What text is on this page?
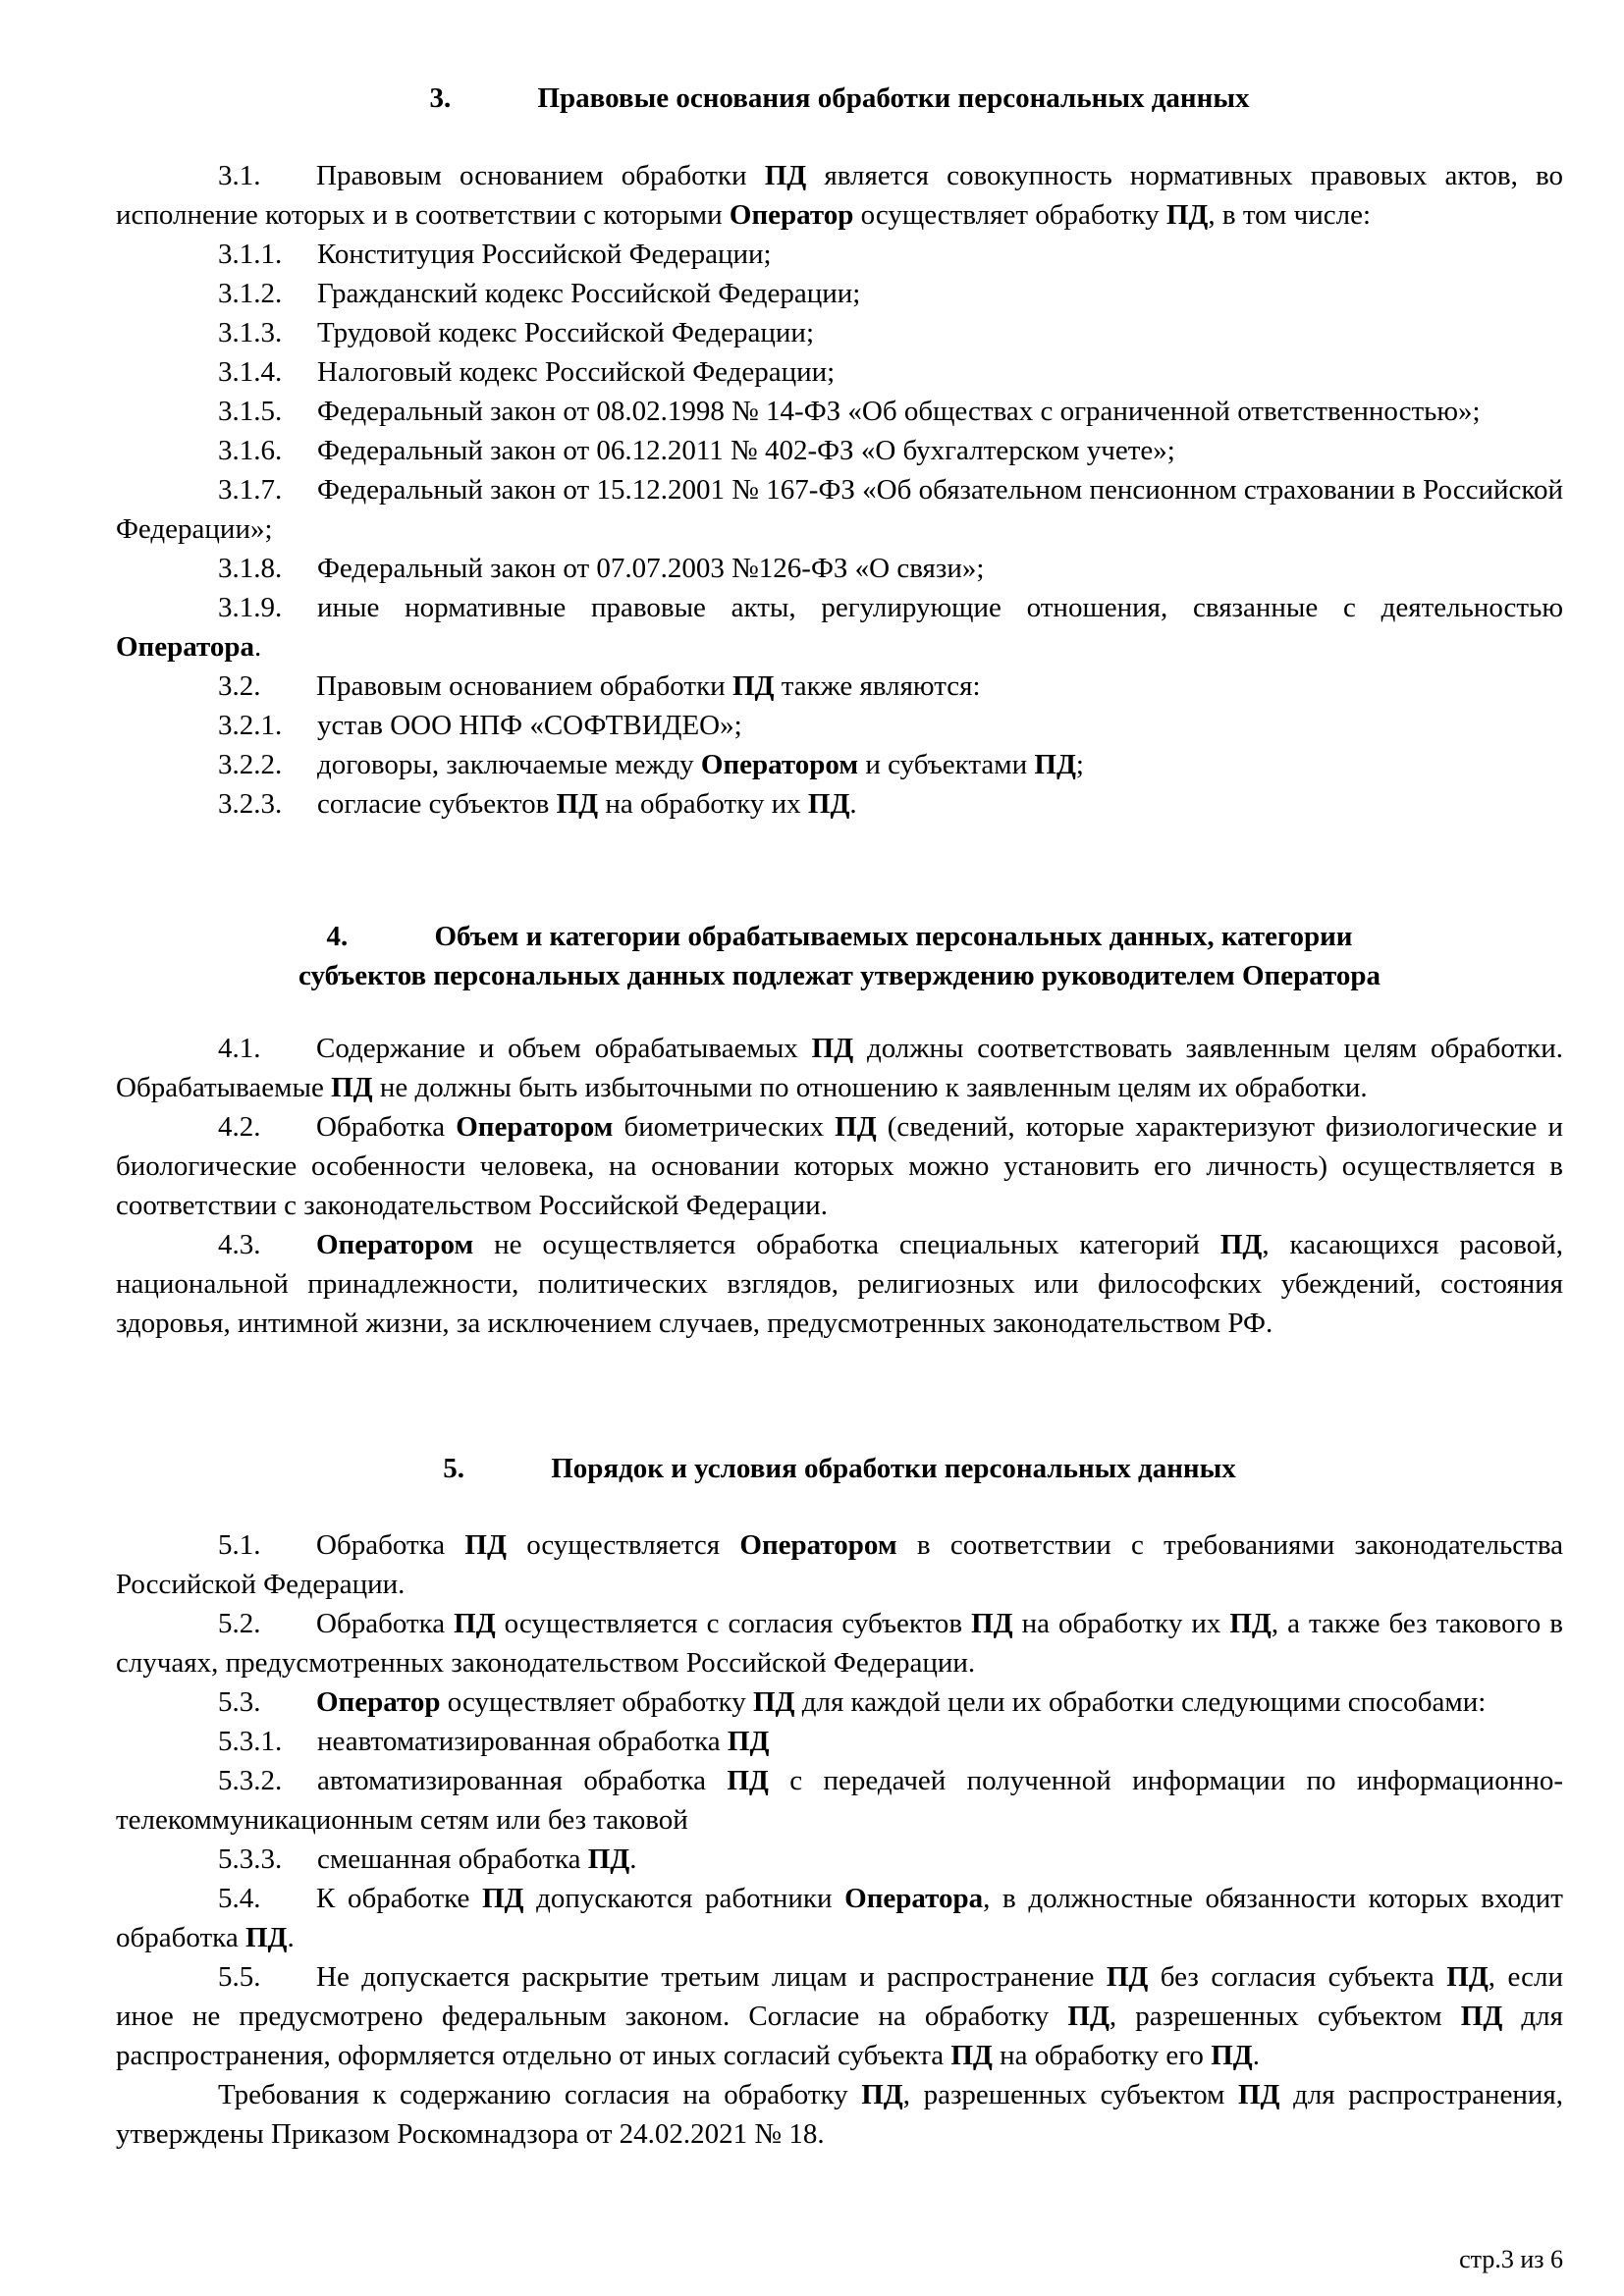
3.	Правовые основания обработки персональных данных

3.1. Правовым основанием обработки ПД является совокупность нормативных правовых актов, во исполнение которых и в соответствии с которыми Оператор осуществляет обработку ПД, в том числе:

3.1.1. Конституция Российской Федерации;

3.1.2. Гражданский кодекс Российской Федерации;

3.1.3. Трудовой кодекс Российской Федерации;

3.1.4. Налоговый кодекс Российской Федерации;

3.1.5. Федеральный закон от 08.02.1998 № 14-ФЗ «Об обществах с ограниченной ответственностью»;

3.1.6. Федеральный закон от 06.12.2011 № 402-ФЗ «О бухгалтерском учете»;

3.1.7. Федеральный закон от 15.12.2001 № 167-ФЗ «Об обязательном пенсионном страховании в Российской Федерации»;

3.1.8. Федеральный закон от 07.07.2003 №126-ФЗ «О связи»;

3.1.9. иные нормативные правовые акты, регулирующие отношения, связанные с деятельностью Оператора.

3.2. Правовым основанием обработки ПД также являются:

3.2.1. устав ООО НПФ «СОФТВИДЕО»;

3.2.2. договоры, заключаемые между Оператором и субъектами ПД;

3.2.3. согласие субъектов ПД на обработку их ПД.

4.	Объем и категории обрабатываемых персональных данных, категории
субъектов персональных данных подлежат утверждению руководителем Оператора

4.1. Содержание и объем обрабатываемых ПД должны соответствовать заявленным целям обработки. Обрабатываемые ПД не должны быть избыточными по отношению к заявленным целям их обработки.

4.2. Обработка Оператором биометрических ПД (сведений, которые характеризуют физиологические и биологические особенности человека, на основании которых можно установить его личность) осуществляется в соответствии с законодательством Российской Федерации.

4.3. Оператором не осуществляется обработка специальных категорий ПД, касающихся расовой, национальной принадлежности, политических взглядов, религиозных или философских убеждений, состояния здоровья, интимной жизни, за исключением случаев, предусмотренных законодательством РФ.

5.	Порядок и условия обработки персональных данных

5.1. Обработка ПД осуществляется Оператором в соответствии с требованиями законодательства Российской Федерации.

5.2. Обработка ПД осуществляется с согласия субъектов ПД на обработку их ПД, а также без такового в случаях, предусмотренных законодательством Российской Федерации.

5.3. Оператор осуществляет обработку ПД для каждой цели их обработки следующими способами:

5.3.1. неавтоматизированная обработка ПД

5.3.2. автоматизированная обработка ПД с передачей полученной информации по информационно-телекоммуникационным сетям или без таковой

5.3.3. смешанная обработка ПД.

5.4. К обработке ПД допускаются работники Оператора, в должностные обязанности которых входит обработка ПД.

5.5. Не допускается раскрытие третьим лицам и распространение ПД без согласия субъекта ПД, если иное не предусмотрено федеральным законом. Согласие на обработку ПД, разрешенных субъектом ПД для распространения, оформляется отдельно от иных согласий субъекта ПД на обработку его ПД.

Требования к содержанию согласия на обработку ПД, разрешенных субъектом ПД для распространения, утверждены Приказом Роскомнадзора от 24.02.2021 № 18.

стр.3 из 6
